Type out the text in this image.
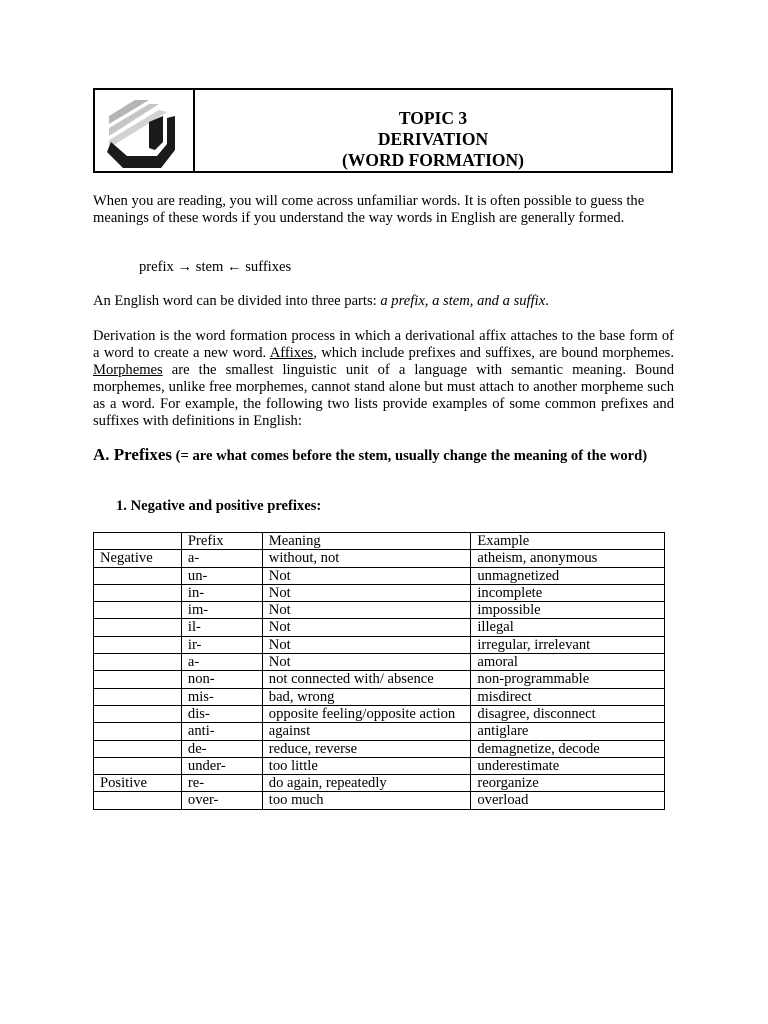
TOPIC 3
DERIVATION
(WORD FORMATION)

When you are reading, you will come across unfamiliar words. It is often possible to guess the meanings of these words if you understand the way words in English are generally formed.

prefix → stem ← suffixes

An English word can be divided into three parts: a prefix, a stem, and a suffix.

Derivation is the word formation process in which a derivational affix attaches to the base form of a word to create a new word. Affixes, which include prefixes and suffixes, are bound morphemes. Morphemes are the smallest linguistic unit of a language with semantic meaning. Bound morphemes, unlike free morphemes, cannot stand alone but must attach to another morpheme such as a word. For example, the following two lists provide examples of some common prefixes and suffixes with definitions in English:

A. Prefixes (= are what comes before the stem, usually change the meaning of the word)
1. Negative and positive prefixes:
	Prefix	Meaning	Example
Negative	a-	without, not	atheism, anonymous
	un-	Not	unmagnetized
	in-	Not	incomplete
	im-	Not	impossible
	il-	Not	illegal
	ir-	Not	irregular, irrelevant
	a-	Not	amoral
	non-	not connected with/ absence	non-programmable
	mis-	bad, wrong	misdirect
	dis-	opposite feeling/opposite action	disagree, disconnect
	anti-	against	antiglare
	de-	reduce, reverse	demagnetize, decode
	under-	too little	underestimate
Positive	re-	do again, repeatedly	reorganize
	over-	too much	overload
